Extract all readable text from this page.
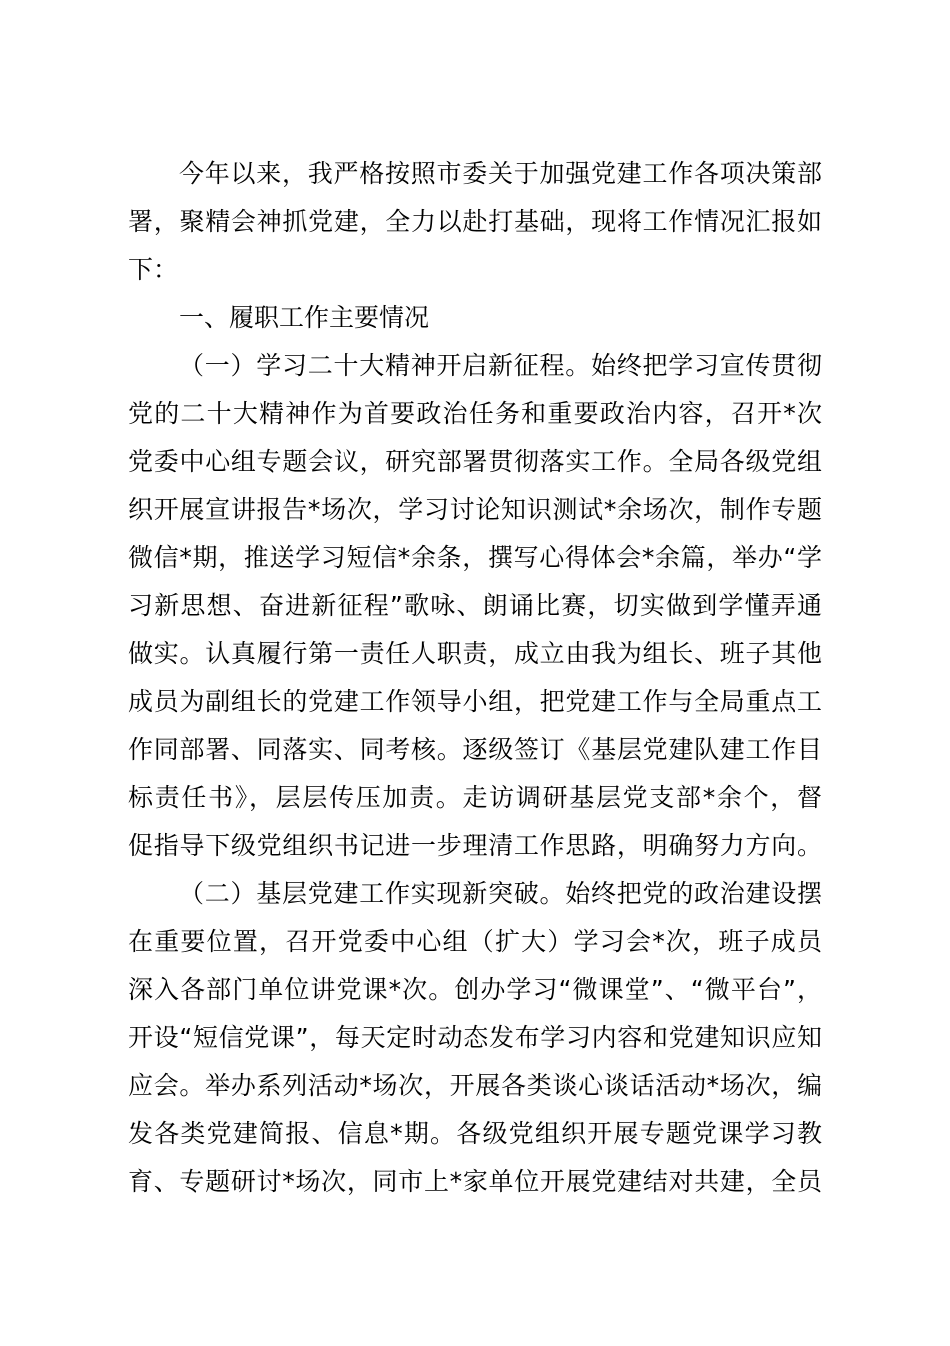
今年以来，我严格按照市委关于加强党建工作各项决策部
署，聚精会神抓党建，全力以赴打基础，现将工作情况汇报如
下：
一、履职工作主要情况
（一）学习二十大精神开启新征程。始终把学习宣传贯彻
党的二十大精神作为首要政治任务和重要政治内容，召开*次
党委中心组专题会议，研究部署贯彻落实工作。全局各级党组
织开展宣讲报告*场次，学习讨论知识测试*余场次，制作专题
微信*期，推送学习短信*余条，撰写心得体会*余篇，举办“学
习新思想、奋进新征程”歌咏、朗诵比赛，切实做到学懂弄通
做实。认真履行第一责任人职责，成立由我为组长、班子其他
成员为副组长的党建工作领导小组，把党建工作与全局重点工
作同部署、同落实、同考核。逐级签订《基层党建队建工作目
标责任书》，层层传压加责。走访调研基层党支部*余个，督
促指导下级党组织书记进一步理清工作思路，明确努力方向。
（二）基层党建工作实现新突破。始终把党的政治建设摆
在重要位置，召开党委中心组（扩大）学习会*次，班子成员
深入各部门单位讲党课*次。创办学习“微课堂”、“微平台”，
开设“短信党课”，每天定时动态发布学习内容和党建知识应知
应会。举办系列活动*场次，开展各类谈心谈话活动*场次，编
发各类党建简报、信息*期。各级党组织开展专题党课学习教
育、专题研讨*场次，同市上*家单位开展党建结对共建，全员
